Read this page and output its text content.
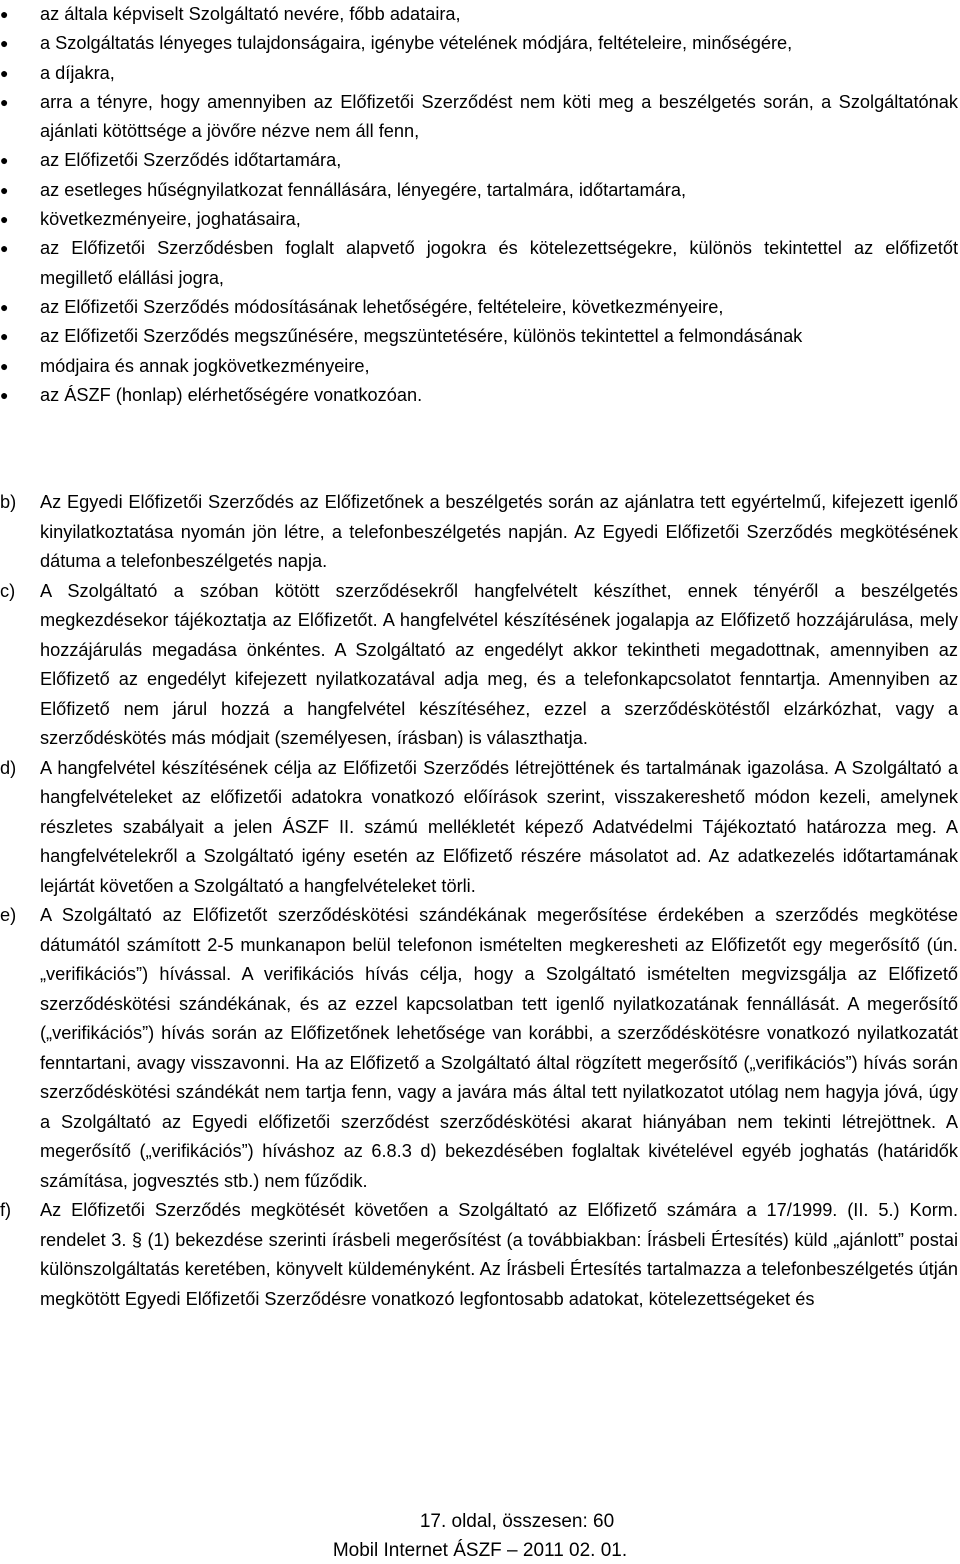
●	az általa képviselt Szolgáltató nevére, főbb adataira,
●	a Szolgáltatás lényeges tulajdonságaira, igénybe vételének módjára, feltételeire, minőségére,
●	a díjakra,
●	arra a tényre, hogy amennyiben az Előfizetői Szerződést nem köti meg a beszélgetés során, a Szolgáltatónak ajánlati kötöttsége a jövőre nézve nem áll fenn,
●	az Előfizetői Szerződés időtartamára,
●	az esetleges hűségnyilatkozat fennállására, lényegére, tartalmára, időtartamára,
●	következményeire, joghatásaira,
●	az Előfizetői Szerződésben foglalt alapvető jogokra és kötelezettségekre, különös tekintettel az előfizetőt megillető elállási jogra,
●	az Előfizetői Szerződés módosításának lehetőségére, feltételeire, következményeire,
●	az Előfizetői Szerződés megszűnésére, megszüntetésére, különös tekintettel a felmondásának
●	módjaira és annak jogkövetkezményeire,
●	az ÁSZF (honlap) elérhetőségére vonatkozóan.
b) Az Egyedi Előfizetői Szerződés az Előfizetőnek a beszélgetés során az ajánlatra tett egyértelmű, kifejezett igenlő kinyilatkoztatása nyomán jön létre, a telefonbeszélgetés napján. Az Egyedi Előfizetői Szerződés megkötésének dátuma a telefonbeszélgetés napja.

c) A Szolgáltató a szóban kötött szerződésekről hangfelvételt készíthet, ennek tényéről a beszélgetés megkezdésekor tájékoztatja az Előfizetőt. A hangfelvétel készítésének jogalapja az Előfizető hozzájárulása, mely hozzájárulás megadása önkéntes. A Szolgáltató az engedélyt akkor tekintheti megadottnak, amennyiben az Előfizető az engedélyt kifejezett nyilatkozatával adja meg, és a telefonkapcsolatot fenntartja. Amennyiben az Előfizető nem járul hozzá a hangfelvétel készítéséhez, ezzel a szerződéskötéstől elzárkózhat, vagy a szerződéskötés más módjait (személyesen, írásban) is választhatja.

d) A hangfelvétel készítésének célja az Előfizetői Szerződés létrejöttének és tartalmának igazolása. A Szolgáltató a hangfelvételeket az előfizetői adatokra vonatkozó előírások szerint, visszakereshető módon kezeli, amelynek részletes szabályait a jelen ÁSZF II. számú mellékletét képező Adatvédelmi Tájékoztató határozza meg. A hangfelvételekről a Szolgáltató igény esetén az Előfizető részére másolatot ad. Az adatkezelés időtartamának lejártát követően a Szolgáltató a hangfelvételeket törli.

e) A Szolgáltató az Előfizetőt szerződéskötési szándékának megerősítése érdekében a szerződés megkötése dátumától számított 2-5 munkanapon belül telefonon ismételten megkeresheti az Előfizetőt egy megerősítő (ún. „verifikációs”) hívással. A verifikációs hívás célja, hogy a Szolgáltató ismételten megvizsgálja az Előfizető szerződéskötési szándékának, és az ezzel kapcsolatban tett igenlő nyilatkozatának fennállását. A megerősítő („verifikációs”) hívás során az Előfizetőnek lehetősége van korábbi, a szerződéskötésre vonatkozó nyilatkozatát fenntartani, avagy visszavonni. Ha az Előfizető a Szolgáltató által rögzített megerősítő („verifikációs”) hívás során szerződéskötési szándékát nem tartja fenn, vagy a javára más által tett nyilatkozatot utólag nem hagyja jóvá, úgy a Szolgáltató az Egyedi előfizetői szerződést szerződéskötési akarat hiányában nem tekinti létrejöttnek. A megerősítő („verifikációs”) híváshoz az 6.8.3 d) bekezdésében foglaltak kivételével egyéb joghatás (határidők számítása, jogvesztés stb.) nem fűződik.

f) Az Előfizetői Szerződés megkötését követően a Szolgáltató az Előfizető számára a 17/1999. (II. 5.) Korm. rendelet 3. § (1) bekezdése szerinti írásbeli megerősítést (a továbbiakban: Írásbeli Értesítés) küld „ajánlott” postai különszolgáltatás keretében, könyvelt küldeményként. Az Írásbeli Értesítés tartalmazza a telefonbeszélgetés útján megkötött Egyedi Előfizetői Szerződésre vonatkozó legfontosabb adatokat, kötelezettségeket és

17. oldal, összesen: 60
Mobil Internet ÁSZF – 2011 02. 01.
